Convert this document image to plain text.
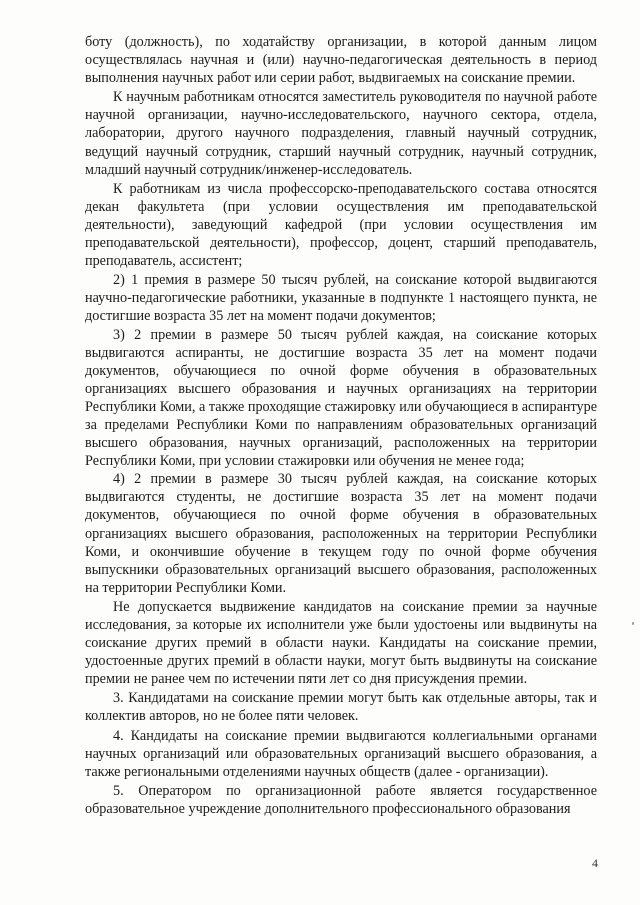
боту (должность), по ходатайству организации, в которой данным лицом осуществлялась научная и (или) научно-педагогическая деятельность в период выполнения научных работ или серии работ, выдвигаемых на соискание премии.

К научным работникам относятся заместитель руководителя по научной работе научной организации, научно-исследовательского, научного сектора, отдела, лаборатории, другого научного подразделения, главный научный сотрудник, ведущий научный сотрудник, старший научный сотрудник, научный сотрудник, младший научный сотрудник/инженер-исследователь.

К работникам из числа профессорско-преподавательского состава относятся декан факультета (при условии осуществления им преподавательской деятельности), заведующий кафедрой (при условии осуществления им преподавательской деятельности), профессор, доцент, старший преподаватель, преподаватель, ассистент;

2) 1 премия в размере 50 тысяч рублей, на соискание которой выдвигаются научно-педагогические работники, указанные в подпункте 1 настоящего пункта, не достигшие возраста 35 лет на момент подачи документов;

3) 2 премии в размере 50 тысяч рублей каждая, на соискание которых выдвигаются аспиранты, не достигшие возраста 35 лет на момент подачи документов, обучающиеся по очной форме обучения в образовательных организациях высшего образования и научных организациях на территории Республики Коми, а также проходящие стажировку или обучающиеся в аспирантуре за пределами Республики Коми по направлениям образовательных организаций высшего образования, научных организаций, расположенных на территории Республики Коми, при условии стажировки или обучения не менее года;

4) 2 премии в размере 30 тысяч рублей каждая, на соискание которых выдвигаются студенты, не достигшие возраста 35 лет на момент подачи документов, обучающиеся по очной форме обучения в образовательных организациях высшего образования, расположенных на территории Республики Коми, и окончившие обучение в текущем году по очной форме обучения выпускники образовательных организаций высшего образования, расположенных на территории Республики Коми.

Не допускается выдвижение кандидатов на соискание премии за научные исследования, за которые их исполнители уже были удостоены или выдвинуты на соискание других премий в области науки. Кандидаты на соискание премии, удостоенные других премий в области науки, могут быть выдвинуты на соискание премии не ранее чем по истечении пяти лет со дня присуждения премии.

3. Кандидатами на соискание премии могут быть как отдельные авторы, так и коллектив авторов, но не более пяти человек.

4. Кандидаты на соискание премии выдвигаются коллегиальными органами научных организаций или образовательных организаций высшего образования, а также региональными отделениями научных обществ (далее - организации).

5. Оператором по организационной работе является государственное образовательное учреждение дополнительного профессионального образования

4
